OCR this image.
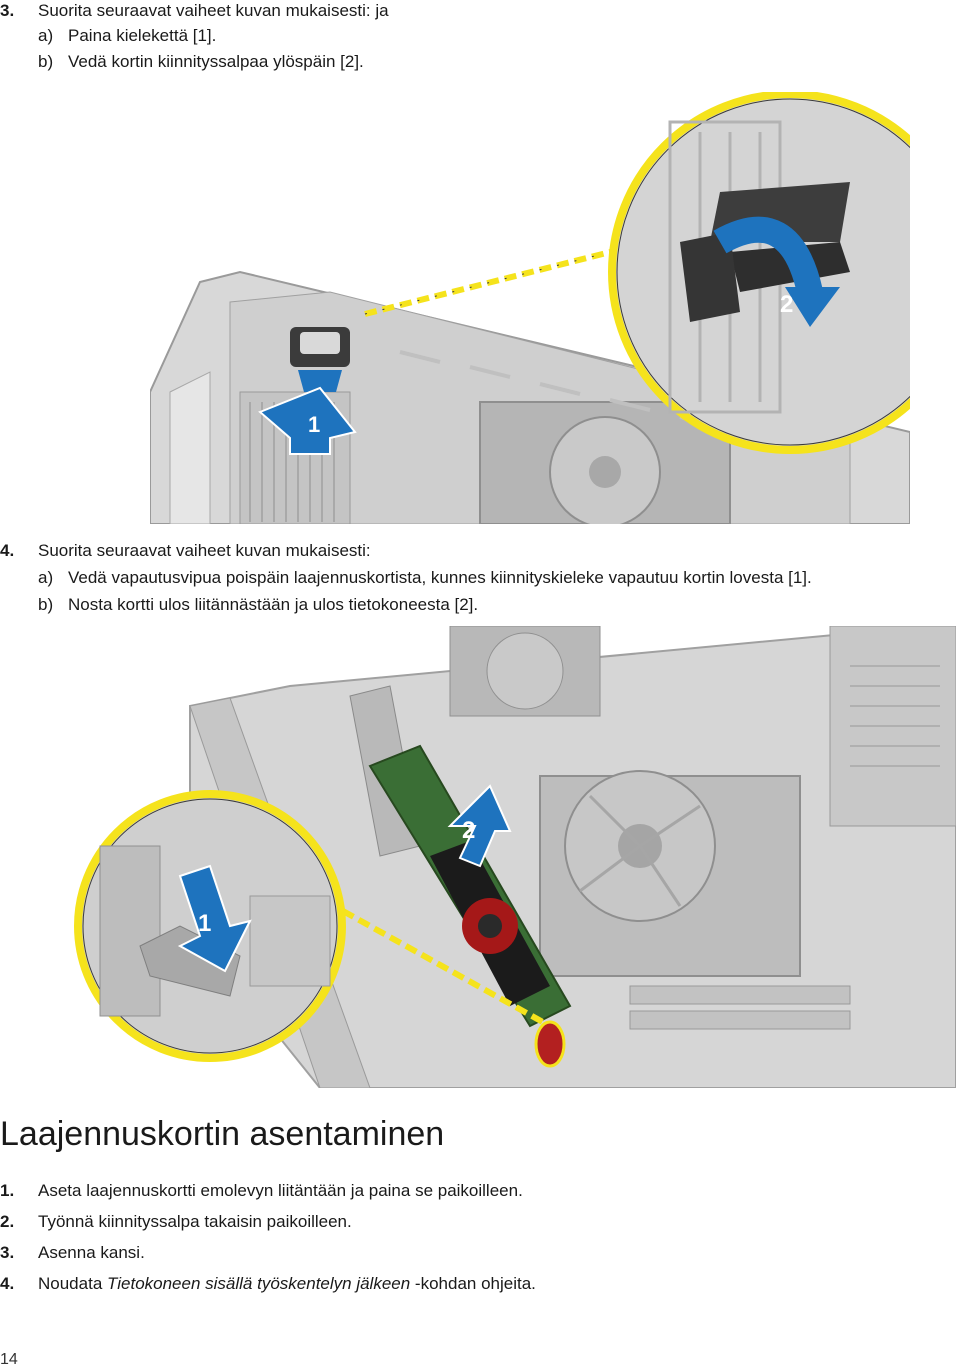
3. Suorita seuraavat vaiheet kuvan mukaisesti: ja
a) Paina kielekettä [1].
b) Vedä kortin kiinnityssalpaa ylöspäin [2].
1
2
4. Suorita seuraavat vaiheet kuvan mukaisesti:
a) Vedä vapautusvipua poispäin laajennuskortista, kunnes kiinnityskieleke vapautuu kortin lovesta [1].
b) Nosta kortti ulos liitännästään ja ulos tietokoneesta [2].
2
1
Laajennuskortin asentaminen
1. Aseta laajennuskortti emolevyn liitäntään ja paina se paikoilleen.
2. Työnnä kiinnityssalpa takaisin paikoilleen.
3. Asenna kansi.
4. Noudata Tietokoneen sisällä työskentelyn jälkeen -kohdan ohjeita.
14
